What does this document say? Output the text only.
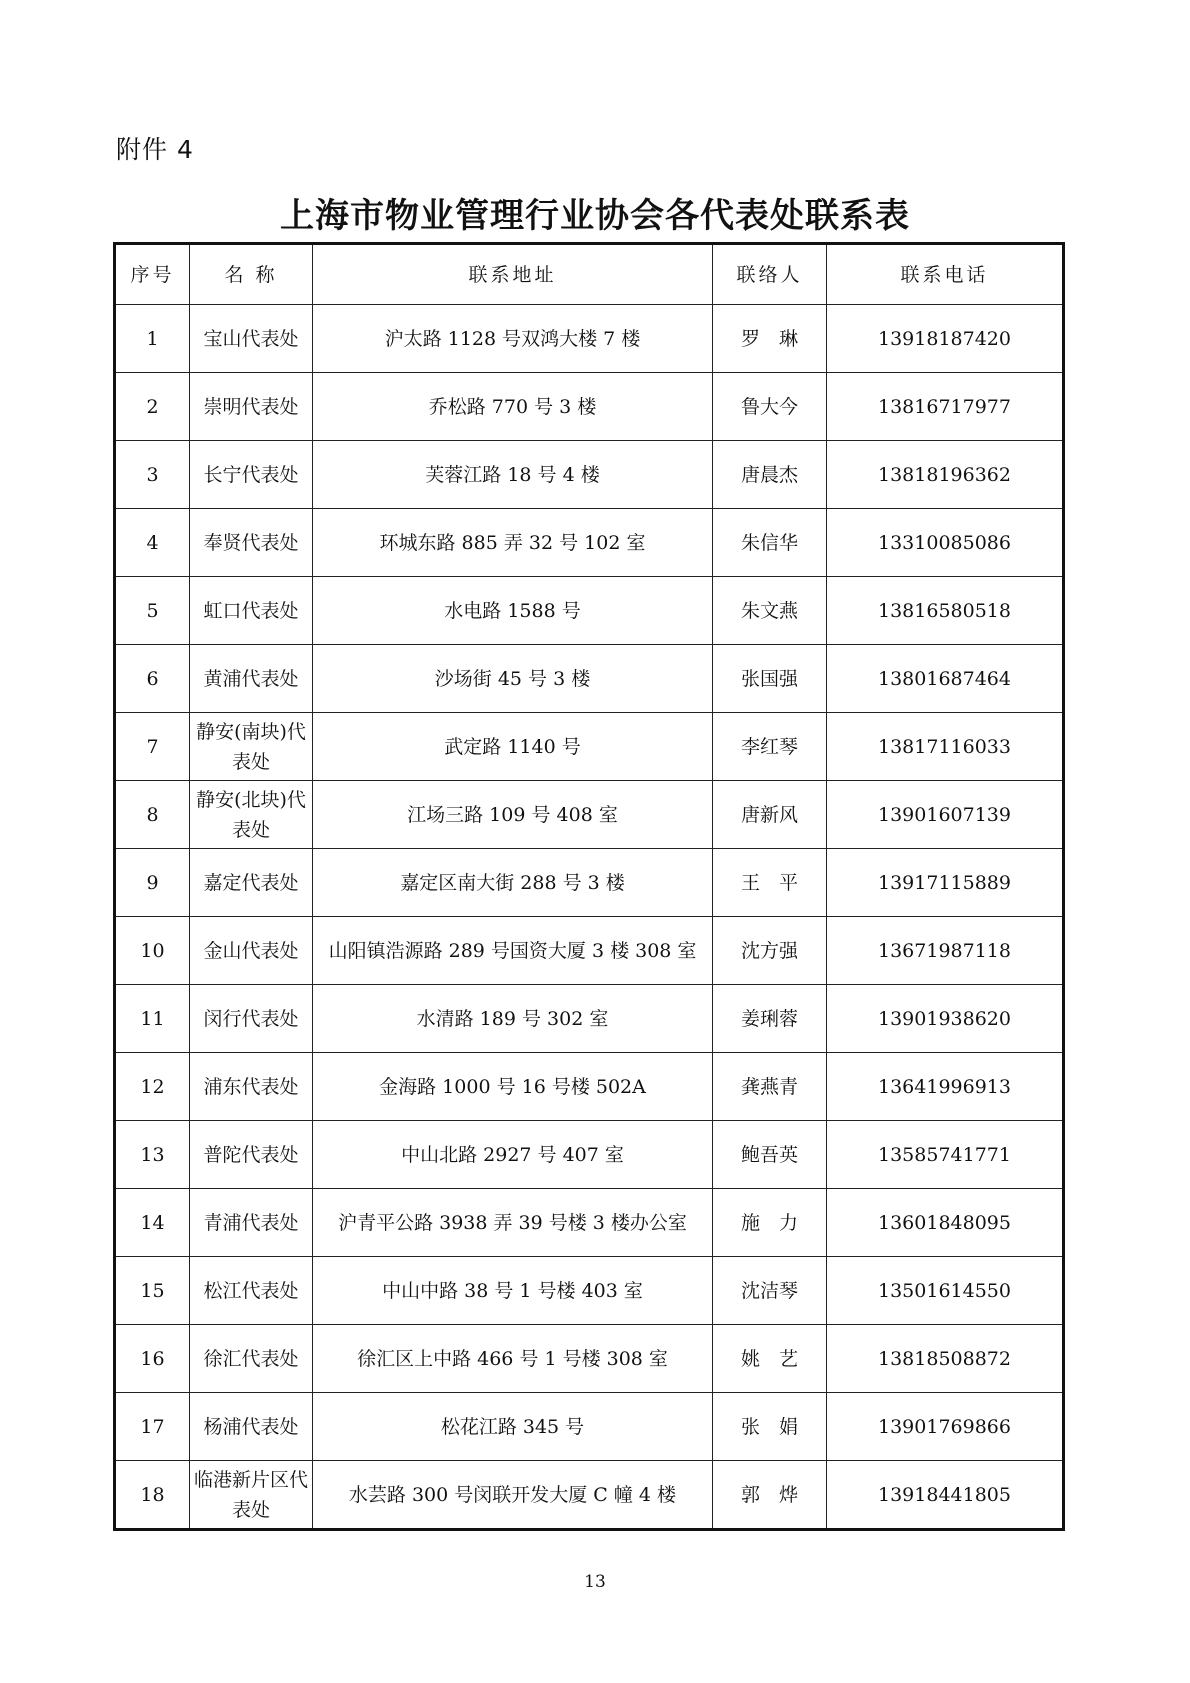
附件 4
上海市物业管理行业协会各代表处联系表
序号	名 称	联系地址	联络人	联系电话
1	宝山代表处	沪太路 1128 号双鸿大楼 7 楼	罗　琳	13918187420
2	崇明代表处	乔松路 770 号 3 楼	鲁大今	13816717977
3	长宁代表处	芙蓉江路 18 号 4 楼	唐晨杰	13818196362
4	奉贤代表处	环城东路 885 弄 32 号 102 室	朱信华	13310085086
5	虹口代表处	水电路 1588 号	朱文燕	13816580518
6	黄浦代表处	沙场街 45 号 3 楼	张国强	13801687464
7	静安(南块)代表处	武定路 1140 号	李红琴	13817116033
8	静安(北块)代表处	江场三路 109 号 408 室	唐新风	13901607139
9	嘉定代表处	嘉定区南大街 288 号 3 楼	王　平	13917115889
10	金山代表处	山阳镇浩源路 289 号国资大厦 3 楼 308 室	沈方强	13671987118
11	闵行代表处	水清路 189 号 302 室	姜琍蓉	13901938620
12	浦东代表处	金海路 1000 号 16 号楼 502A	龚燕青	13641996913
13	普陀代表处	中山北路 2927 号 407 室	鲍吾英	13585741771
14	青浦代表处	沪青平公路 3938 弄 39 号楼 3 楼办公室	施　力	13601848095
15	松江代表处	中山中路 38 号 1 号楼 403 室	沈洁琴	13501614550
16	徐汇代表处	徐汇区上中路 466 号 1 号楼 308 室	姚　艺	13818508872
17	杨浦代表处	松花江路 345 号	张　娟	13901769866
18	临港新片区代表处	水芸路 300 号闵联开发大厦 C 幢 4 楼	郭　烨	13918441805
13
